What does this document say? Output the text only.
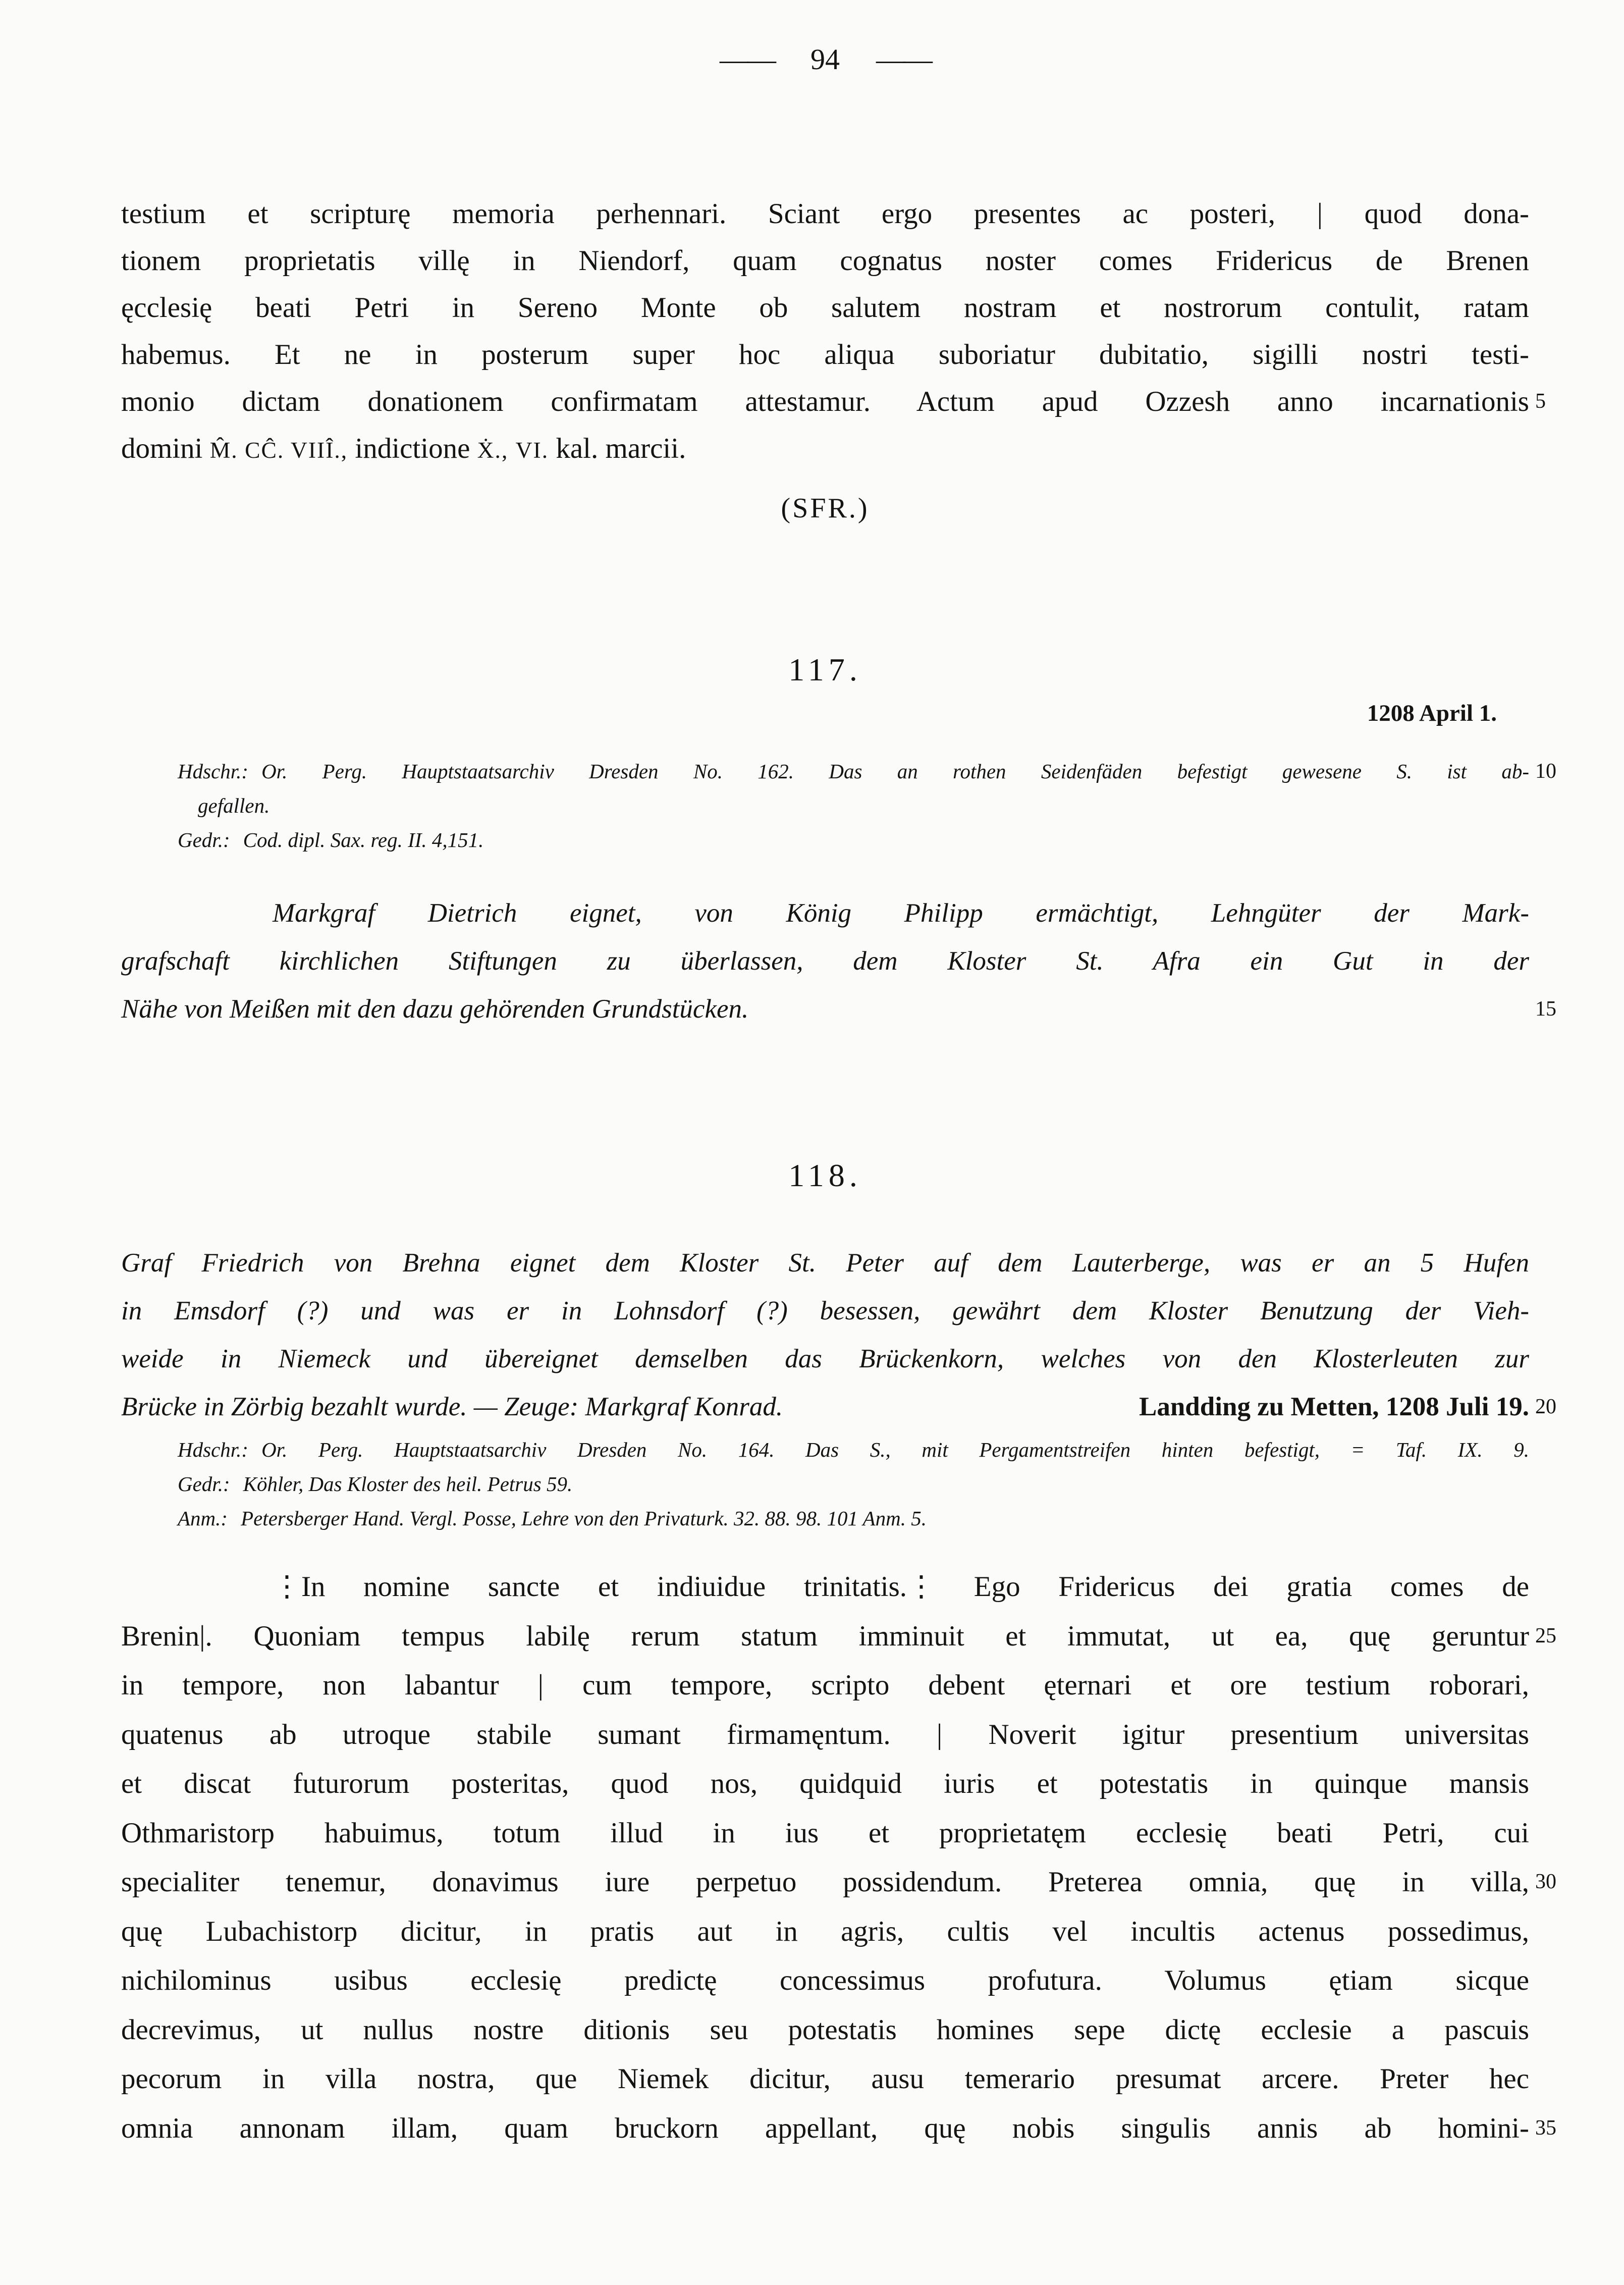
—— 94 ——
testium et scripturę memoria perhennari. Sciant ergo presentes ac posteri, | quod dona-
tionem proprietatis villę in Niendorf, quam cognatus noster comes Fridericus de Brenen
ęcclesię beati Petri in Sereno Monte ob salutem nostram et nostrorum contulit, ratam
habemus. Et ne in posterum super hoc aliqua suboriatur dubitatio, sigilli nostri testi-
monio dictam donationem confirmatam attestamur. Actum apud Ozzesh anno incarnationis 5
domini M̂. CĈ. VIIÎ., indictione Ẋ., VI. kal. marcii.
(SFR.)
117.
1208 April 1.
Hdschr.: Or. Perg. Hauptstaatsarchiv Dresden No. 162. Das an rothen Seidenfäden befestigt gewesene S. ist ab- 10
gefallen.
Gedr.: Cod. dipl. Sax. reg. II. 4,151.
Markgraf Dietrich eignet, von König Philipp ermächtigt, Lehngüter der Mark-
grafschaft kirchlichen Stiftungen zu überlassen, dem Kloster St. Afra ein Gut in der
Nähe von Meißen mit den dazu gehörenden Grundstücken.	15
118.
Graf Friedrich von Brehna eignet dem Kloster St. Peter auf dem Lauterberge, was er an 5 Hufen
in Emsdorf (?) und was er in Lohnsdorf (?) besessen, gewährt dem Kloster Benutzung der Vieh-
weide in Niemeck und übereignet demselben das Brückenkorn, welches von den Klosterleuten zur
Brücke in Zörbig bezahlt wurde. — Zeuge: Markgraf Konrad.	Landding zu Metten, 1208 Juli 19. 20
Hdschr.: Or. Perg. Hauptstaatsarchiv Dresden No. 164. Das S., mit Pergamentstreifen hinten befestigt, = Taf. IX. 9.
Gedr.: Köhler, Das Kloster des heil. Petrus 59.
Anm.: Petersberger Hand. Vergl. Posse, Lehre von den Privaturk. 32. 88. 98. 101 Anm. 5.
⋮In nomine sancte et indiuidue trinitatis.⋮ Ego Fridericus dei gratia comes de
Brenin|. Quoniam tempus labilę rerum statum imminuit et immutat, ut ea, quę geruntur 25
in tempore, non labantur | cum tempore, scripto debent ęternari et ore testium roborari,
quatenus ab utroque stabile sumant firmamęntum. | Noverit igitur presentium universitas
et discat futurorum posteritas, quod nos, quidquid iuris et potestatis in quinque mansis
Othmaristorp habuimus, totum illud in ius et proprietatęm ecclesię beati Petri, cui
specialiter tenemur, donavimus iure perpetuo possidendum. Preterea omnia, quę in villa, 30
quę Lubachistorp dicitur, in pratis aut in agris, cultis vel incultis actenus possedimus,
nichilominus usibus ecclesię predictę concessimus profutura. Volumus ętiam sicque
decrevimus, ut nullus nostre ditionis seu potestatis homines sepe dictę ecclesie a pascuis
pecorum in villa nostra, que Niemek dicitur, ausu temerario presumat arcere. Preter hec
omnia annonam illam, quam bruckorn appellant, quę nobis singulis annis ab homini- 35
